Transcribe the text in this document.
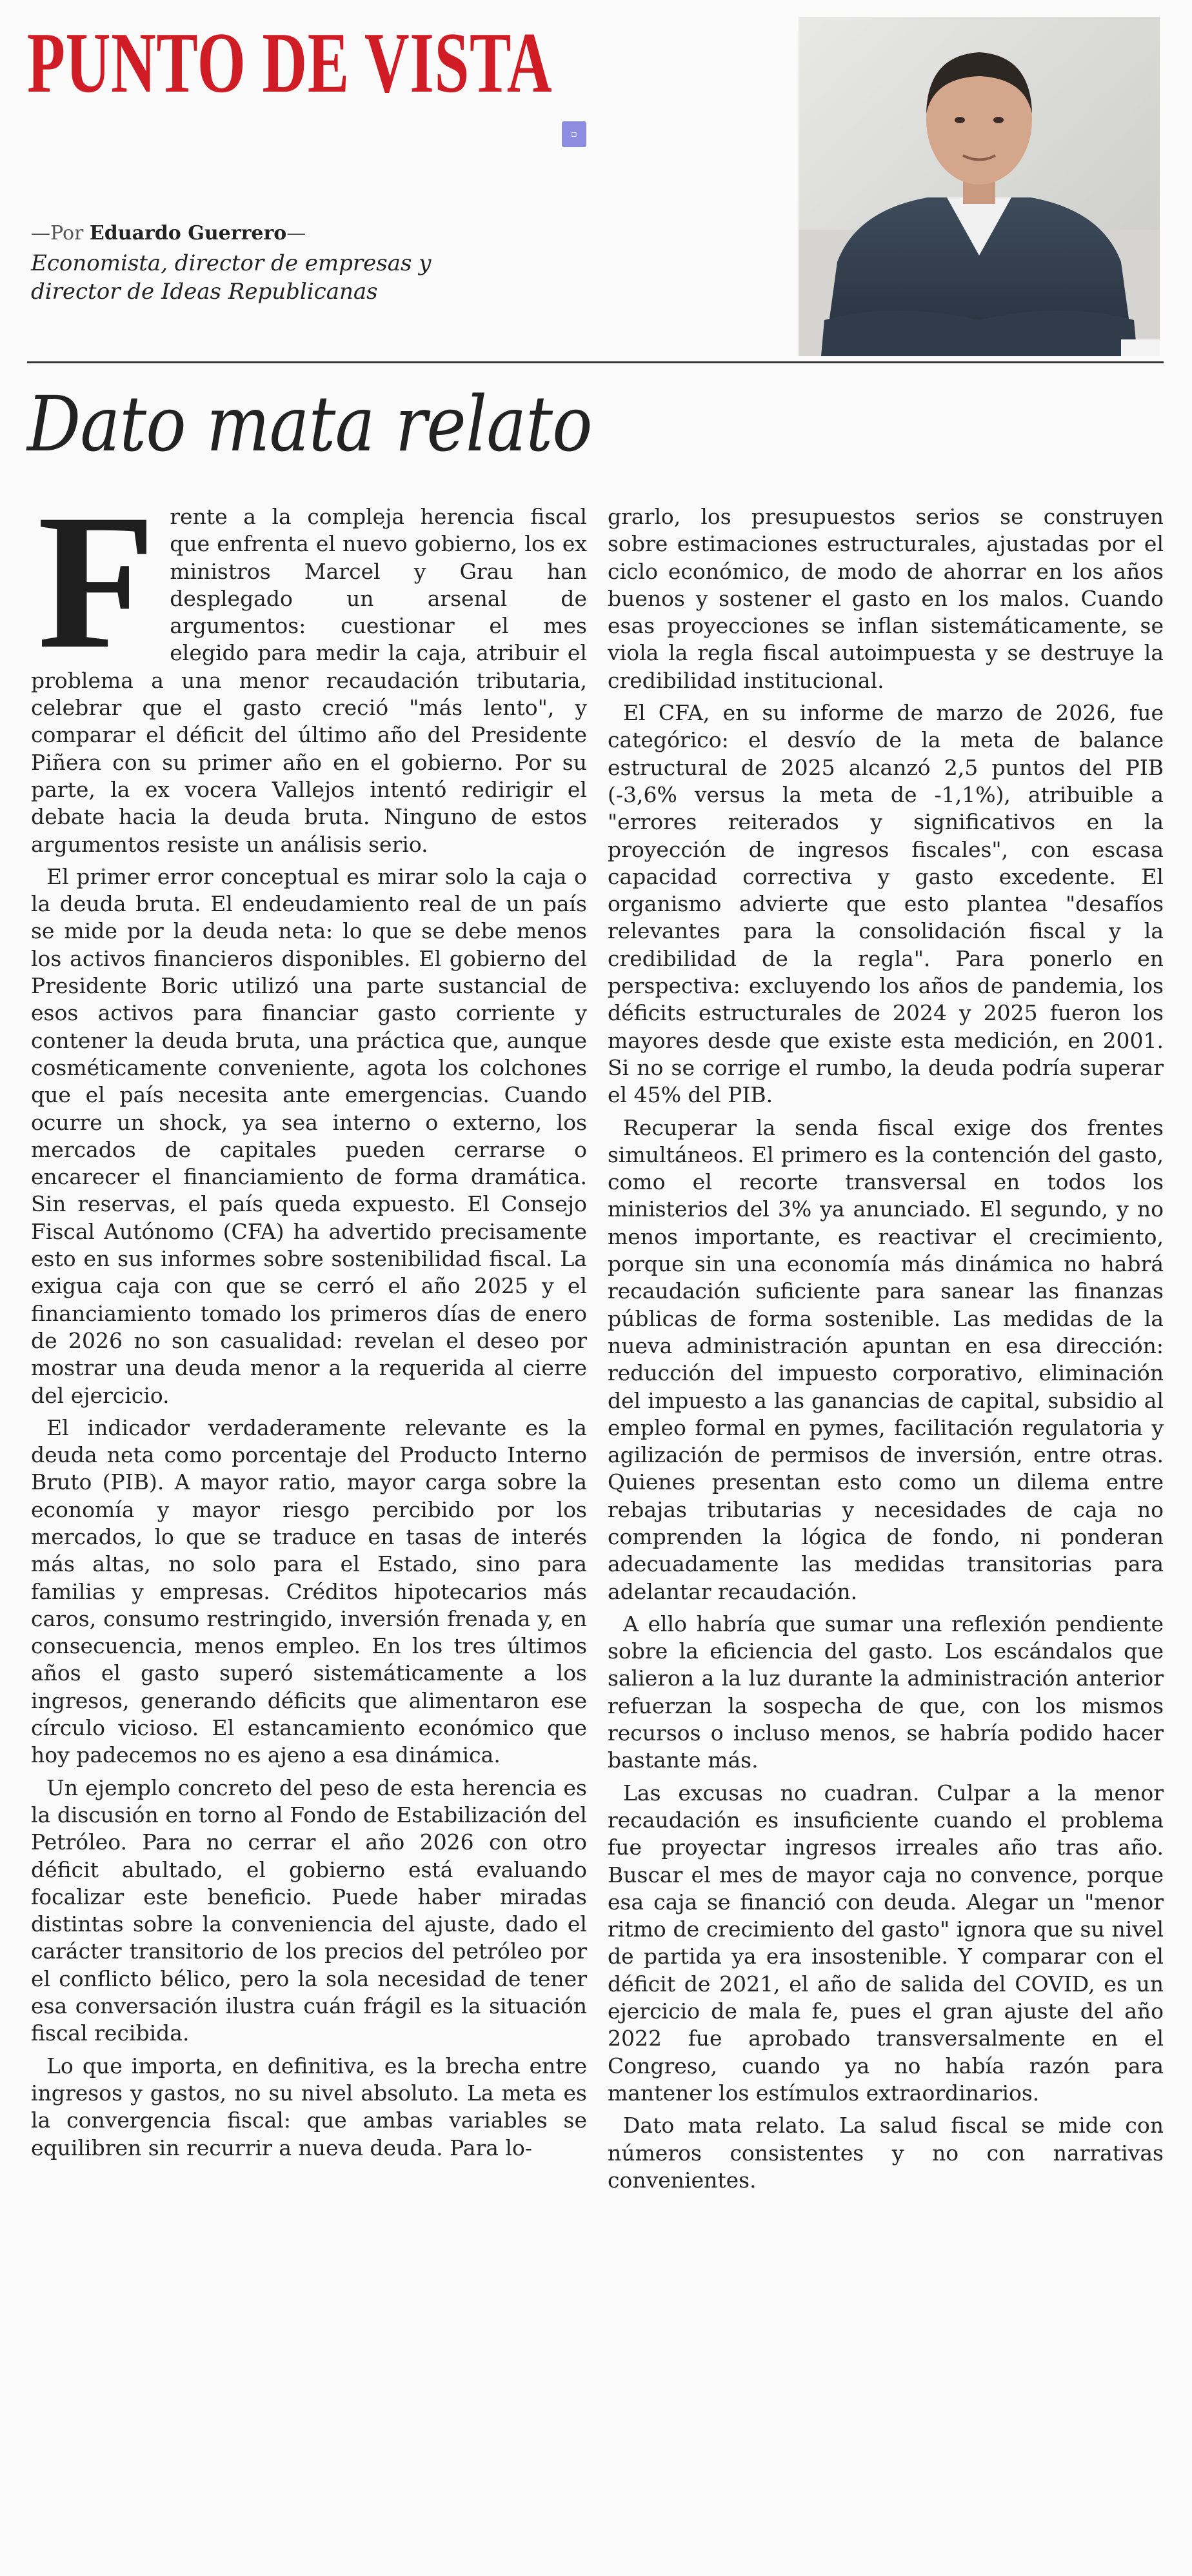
PUNTO DE VISTA
▫
—Por Eduardo Guerrero—
Economista, director de empresas y director de Ideas Republicanas
Dato mata relato

Frente a la compleja herencia fiscal que enfrenta el nuevo gobierno, los ex ministros Marcel y Grau han desplegado un arsenal de argumentos: cuestionar el mes elegido para medir la caja, atribuir el problema a una menor recaudación tributaria, celebrar que el gasto creció "más lento", y comparar el déficit del último año del Presidente Piñera con su primer año en el gobierno. Por su parte, la ex vocera Vallejos intentó redirigir el debate hacia la deuda bruta. Ninguno de estos argumentos resiste un análisis serio.

El primer error conceptual es mirar solo la caja o la deuda bruta. El endeudamiento real de un país se mide por la deuda neta: lo que se debe menos los activos financieros disponibles. El gobierno del Presidente Boric utilizó una parte sustancial de esos activos para financiar gasto corriente y contener la deuda bruta, una práctica que, aunque cosméticamente conveniente, agota los colchones que el país necesita ante emergencias. Cuando ocurre un shock, ya sea interno o externo, los mercados de capitales pueden cerrarse o encarecer el financiamiento de forma dramática. Sin reservas, el país queda expuesto. El Consejo Fiscal Autónomo (CFA) ha advertido precisamente esto en sus informes sobre sostenibilidad fiscal. La exigua caja con que se cerró el año 2025 y el financiamiento tomado los primeros días de enero de 2026 no son casualidad: revelan el deseo por mostrar una deuda menor a la requerida al cierre del ejercicio.

El indicador verdaderamente relevante es la deuda neta como porcentaje del Producto Interno Bruto (PIB). A mayor ratio, mayor carga sobre la economía y mayor riesgo percibido por los mercados, lo que se traduce en tasas de interés más altas, no solo para el Estado, sino para familias y empresas. Créditos hipotecarios más caros, consumo restringido, inversión frenada y, en consecuencia, menos empleo. En los tres últimos años el gasto superó sistemáticamente a los ingresos, generando déficits que alimentaron ese círculo vicioso. El estancamiento económico que hoy padecemos no es ajeno a esa dinámica.

Un ejemplo concreto del peso de esta herencia es la discusión en torno al Fondo de Estabilización del Petróleo. Para no cerrar el año 2026 con otro déficit abultado, el gobierno está evaluando focalizar este beneficio. Puede haber miradas distintas sobre la conveniencia del ajuste, dado el carácter transitorio de los precios del petróleo por el conflicto bélico, pero la sola necesidad de tener esa conversación ilustra cuán frágil es la situación fiscal recibida.

Lo que importa, en definitiva, es la brecha entre ingresos y gastos, no su nivel absoluto. La meta es la convergencia fiscal: que ambas variables se equilibren sin recurrir a nueva deuda. Para lo-

grarlo, los presupuestos serios se construyen sobre estimaciones estructurales, ajustadas por el ciclo económico, de modo de ahorrar en los años buenos y sostener el gasto en los malos. Cuando esas proyecciones se inflan sistemáticamente, se viola la regla fiscal autoimpuesta y se destruye la credibilidad institucional.

El CFA, en su informe de marzo de 2026, fue categórico: el desvío de la meta de balance estructural de 2025 alcanzó 2,5 puntos del PIB (-3,6% versus la meta de -1,1%), atribuible a "errores reiterados y significativos en la proyección de ingresos fiscales", con escasa capacidad correctiva y gasto excedente. El organismo advierte que esto plantea "desafíos relevantes para la consolidación fiscal y la credibilidad de la regla". Para ponerlo en perspectiva: excluyendo los años de pandemia, los déficits estructurales de 2024 y 2025 fueron los mayores desde que existe esta medición, en 2001. Si no se corrige el rumbo, la deuda podría superar el 45% del PIB.

Recuperar la senda fiscal exige dos frentes simultáneos. El primero es la contención del gasto, como el recorte transversal en todos los ministerios del 3% ya anunciado. El segundo, y no menos importante, es reactivar el crecimiento, porque sin una economía más dinámica no habrá recaudación suficiente para sanear las finanzas públicas de forma sostenible. Las medidas de la nueva administración apuntan en esa dirección: reducción del impuesto corporativo, eliminación del impuesto a las ganancias de capital, subsidio al empleo formal en pymes, facilitación regulatoria y agilización de permisos de inversión, entre otras. Quienes presentan esto como un dilema entre rebajas tributarias y necesidades de caja no comprenden la lógica de fondo, ni ponderan adecuadamente las medidas transitorias para adelantar recaudación.

A ello habría que sumar una reflexión pendiente sobre la eficiencia del gasto. Los escándalos que salieron a la luz durante la administración anterior refuerzan la sospecha de que, con los mismos recursos o incluso menos, se habría podido hacer bastante más.

Las excusas no cuadran. Culpar a la menor recaudación es insuficiente cuando el problema fue proyectar ingresos irreales año tras año. Buscar el mes de mayor caja no convence, porque esa caja se financió con deuda. Alegar un "menor ritmo de crecimiento del gasto" ignora que su nivel de partida ya era insostenible. Y comparar con el déficit de 2021, el año de salida del COVID, es un ejercicio de mala fe, pues el gran ajuste del año 2022 fue aprobado transversalmente en el Congreso, cuando ya no había razón para mantener los estímulos extraordinarios.

Dato mata relato. La salud fiscal se mide con números consistentes y no con narrativas convenientes.
